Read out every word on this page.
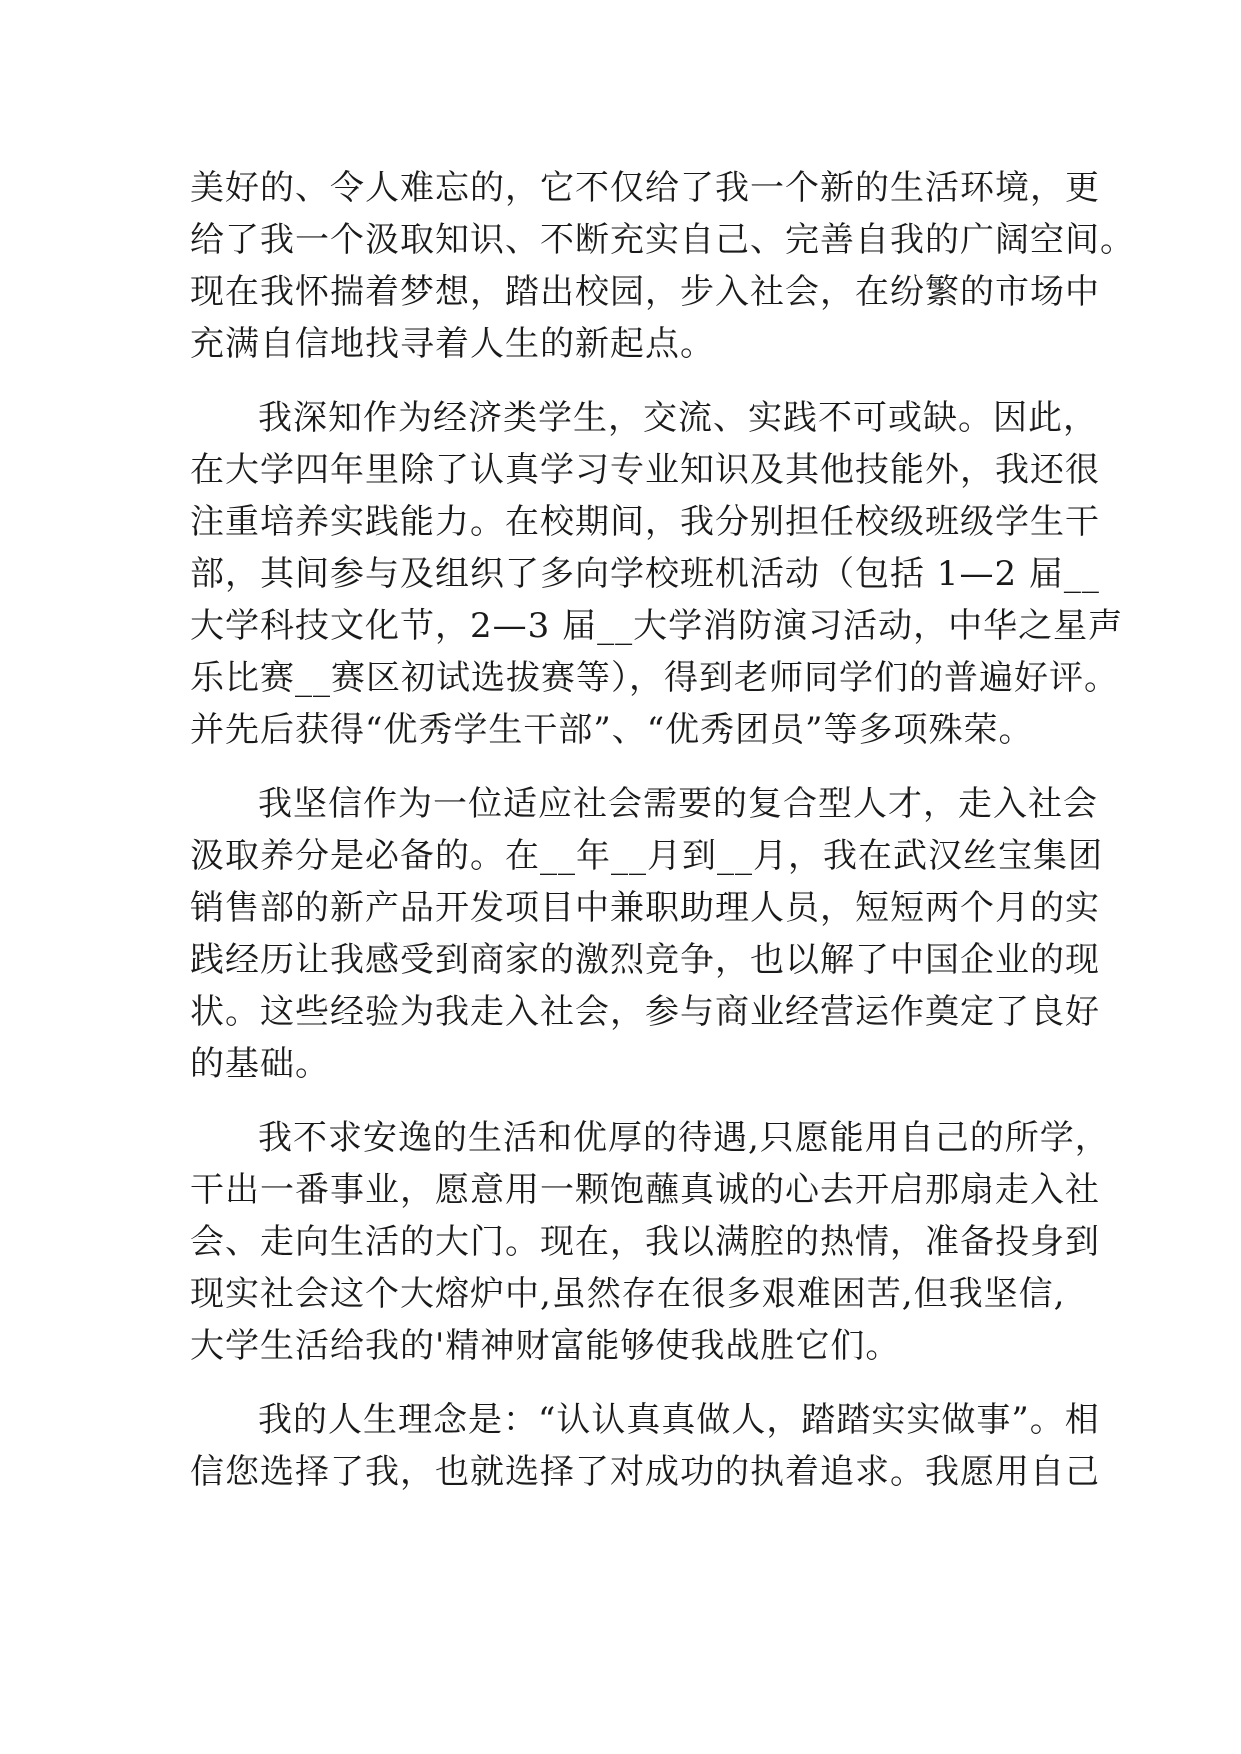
美好的、令人难忘的，它不仅给了我一个新的生活环境，更
给了我一个汲取知识、不断充实自己、完善自我的广阔空间。
现在我怀揣着梦想，踏出校园，步入社会，在纷繁的市场中
充满自信地找寻着人生的新起点。
我深知作为经济类学生，交流、实践不可或缺。因此，
在大学四年里除了认真学习专业知识及其他技能外，我还很
注重培养实践能力。在校期间，我分别担任校级班级学生干
部，其间参与及组织了多向学校班机活动（包括 1—2 届__
大学科技文化节，2—3 届__大学消防演习活动，中华之星声
乐比赛__赛区初试选拔赛等），得到老师同学们的普遍好评。
并先后获得“优秀学生干部”、“优秀团员”等多项殊荣。
我坚信作为一位适应社会需要的复合型人才，走入社会
汲取养分是必备的。在__年__月到__月，我在武汉丝宝集团
销售部的新产品开发项目中兼职助理人员，短短两个月的实
践经历让我感受到商家的激烈竞争，也以解了中国企业的现
状。这些经验为我走入社会，参与商业经营运作奠定了良好
的基础。
我不求安逸的生活和优厚的待遇,只愿能用自己的所学，
干出一番事业，愿意用一颗饱蘸真诚的心去开启那扇走入社
会、走向生活的大门。现在，我以满腔的热情，准备投身到
现实社会这个大熔炉中,虽然存在很多艰难困苦,但我坚信,
大学生活给我的'精神财富能够使我战胜它们。
我的人生理念是：“认认真真做人，踏踏实实做事”。相
信您选择了我，也就选择了对成功的执着追求。我愿用自己
